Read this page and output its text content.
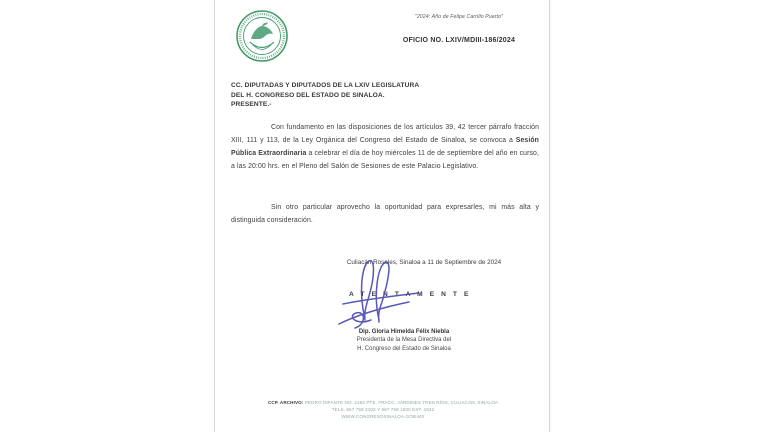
"2024: Año de Felipe Carrillo Puerto"
OFICIO NO. LXIV/MDIII-186/2024
CC. DIPUTADAS Y DIPUTADOS DE LA LXIV LEGISLATURA
DEL H. CONGRESO DEL ESTADO DE SINALOA.
PRESENTE.-

Con fundamento en las disposiciones de los artículos 39, 42 tercer párrafo fracción XIII, 111 y 113, de la Ley Orgánica del Congreso del Estado de Sinaloa, se convoca a Sesión Pública Extraordinaria a celebrar el día de hoy miércoles 11 de de septiembre del año en curso, a las 20:00 hrs. en el Pleno del Salón de Sesiones de este Palacio Legislativo.

Sin otro particular aprovecho la oportunidad para expresarles, mi más alta y distinguida consideración.

Culiacán Rosales, Sinaloa a 11 de Septiembre de 2024
A T E N T A M E N T E
Dip. Gloria Himelda Félix Niebla
Presidenta de la Mesa Directiva del
H. Congreso del Estado de Sinaloa
CCP. ARCHIVO: PEDRO INFANTE NO. 2155 PTE. FRACC. JARDINES TRES RÍOS, CULIACÁN, SINALOA
TELS. 667 758 2102 Y 667 758 1500 EXT. 1842
WWW.CONGRESOSINALOA.GOB.MX
